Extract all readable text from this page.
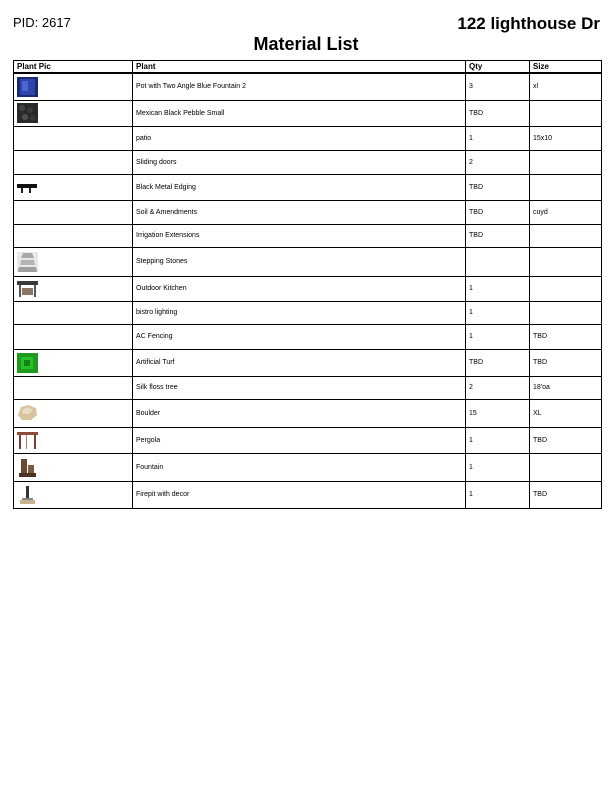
PID: 2617	122 lighthouse Dr
Material List
Plant Pic	Plant	Qty	Size

	Pot with Two Angle Blue Fountain 2	3	xl

	Mexican Black Pebble Small	TBD	
	patio	1	15x10
	Sliding doors	2	

	Black Metal Edging	TBD	
	Soil & Amendments	TBD	cuyd
	Irrigation Extensions	TBD	

	Stepping Stones		

	Outdoor Kitchen	1	
	bistro lighting	1	
	AC Fencing	1	TBD

	Artificial Turf	TBD	TBD
	Silk floss tree	2	18'oa

	Boulder	15	XL

	Pergola	1	TBD

	Fountain	1	

	Firepit with decor	1	TBD
